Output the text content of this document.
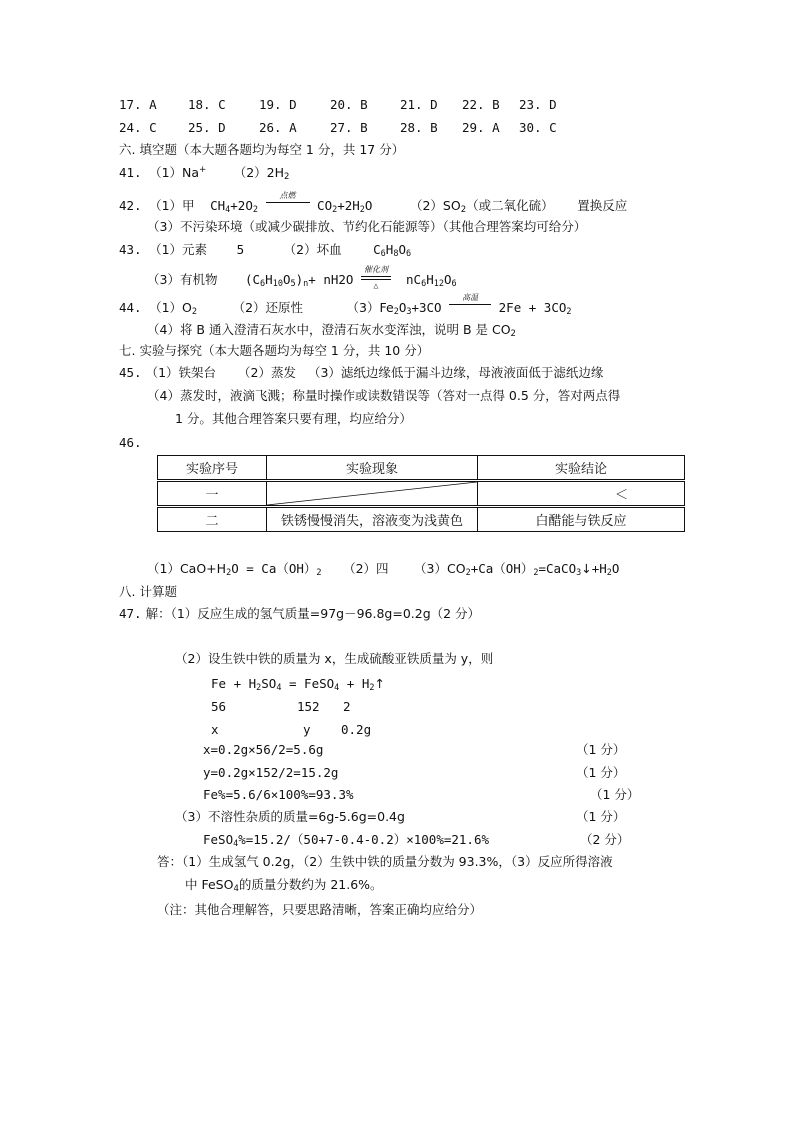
17. A	18. C	19. D	20. B	21. D 22. B 23. D
24. C	25. D	26. A	27. B	28. B 29. A 30. C
六. 填空题（本大题各题均为每空 1 分，共 17 分）
41. （1）Na+ $(2)2H_2$
42. （1）甲 $CH_4+2O_2$
点燃
$CO_2+2H_2O$	$(2)SO_2$（或二氧化硫） 置换反应
（3）不污染环境（或减少碳排放、节约化石能源等）（其他合理答案均可给分）
43. （1）元素 5	（2）坏血	$C_6H_8O_6$
（3）有机物 $(C_6H_{10}O_5)_n+ nH2O$
催化剂
△	$nC_6H_{12}O_6$
44. $(1)O_2$	（2）还原性	$(3)Fe_2O_3+3CO$
高温
$2Fe + 3CO_2$
（4）将 B 通入澄清石灰水中，澄清石灰水变浑浊，说明 B 是 $CO_2$
七. 实验与探究（本大题各题均为每空 1 分，共 10 分）
45. （1）铁架台 （2）蒸发 （3）滤纸边缘低于漏斗边缘，母液液面低于滤纸边缘
（4）蒸发时，液滴飞溅；称量时操作或读数错误等（答对一点得 0.5 分，答对两点得
1 分。其他合理答案只要有理，均应给分）
46.
实验序号	实验现象	实验结论
一		＜
二	铁锈慢慢消失，溶液变为浅黄色	白醋能与铁反应
$(1)CaO+H_2O = Ca(OH)_2$ （2）四 $(3)CO_2+Ca(OH)_2=CaCO_3↓+H_2O$
八. 计算题
47. 解：（1）反应生成的氢气质量=97g－96.8g=0.2g（2 分）
（2）设生铁中铁的质量为 x，生成硫酸亚铁质量为 y，则
$Fe + H_2SO_4$ = FeSO$_4$ + $H_2↑$
56	152 2
x	y 0.2g
x=0.2g×56/2=5.6g	（1 分）
y=0.2g×152/2=15.2g	（1 分）
Fe%=5.6/6×100%=93.3%	（1 分）
（3）不溶性杂质的质量=6g-5.6g=0.4g	（1 分）
FeSO$_4$%=15.2/（50+7-0.4-0.2）×100%=21.6%	（2 分）
答：（1）生成氢气 0.2g，（2）生铁中铁的质量分数为 93.3%，（3）反应所得溶液
中 FeSO$_4$的质量分数约为 21.6%。
（注：其他合理解答，只要思路清晰，答案正确均应给分）
